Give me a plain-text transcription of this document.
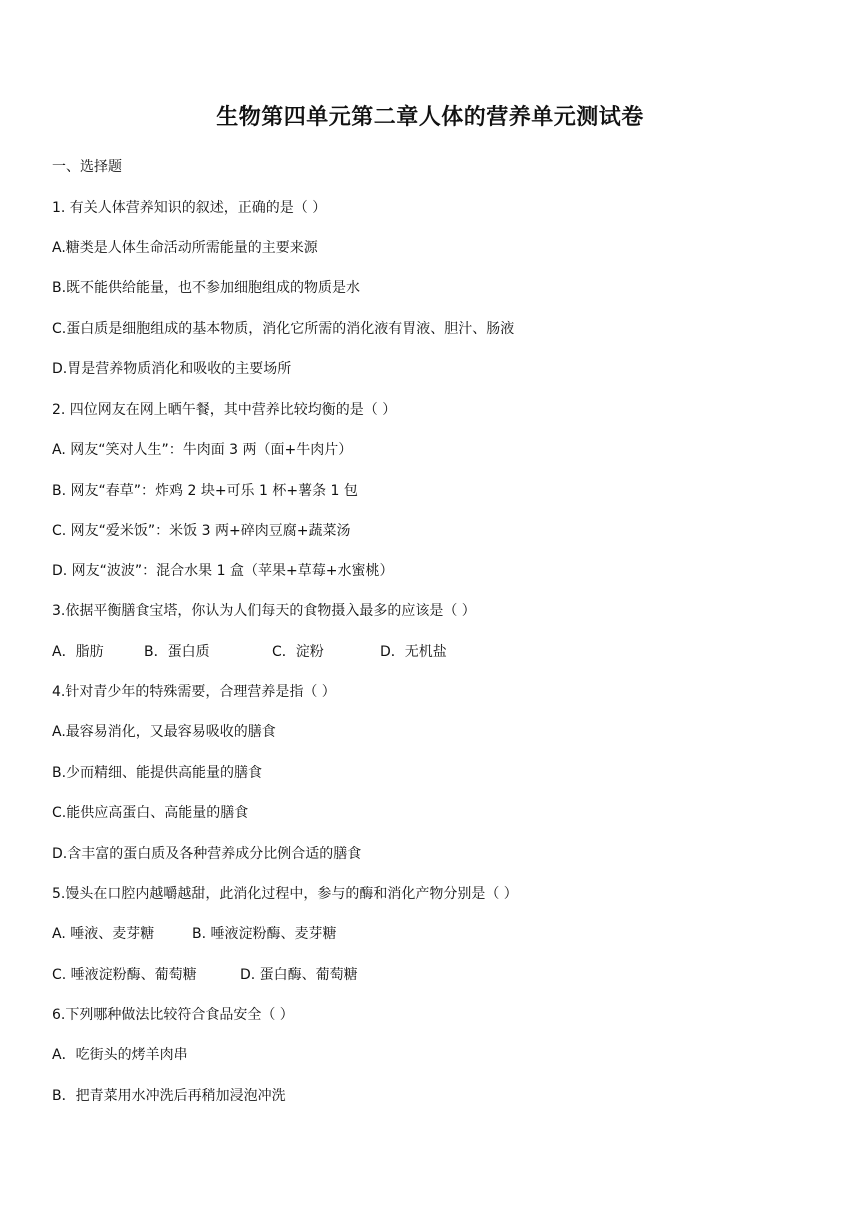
生物第四单元第二章人体的营养单元测试卷
一、选择题
1. 有关人体营养知识的叙述，正确的是（ ）
A.糖类是人体生命活动所需能量的主要来源
B.既不能供给能量，也不参加细胞组成的物质是水
C.蛋白质是细胞组成的基本物质，消化它所需的消化液有胃液、胆汁、肠液
D.胃是营养物质消化和吸收的主要场所
2. 四位网友在网上晒午餐，其中营养比较均衡的是（ ）
A. 网友“笑对人生”：牛肉面 3 两（面+牛肉片）
B. 网友“春草”：炸鸡 2 块+可乐 1 杯+薯条 1 包
C. 网友“爱米饭”：米饭 3 两+碎肉豆腐+蔬菜汤
D. 网友“波波”：混合水果 1 盒（苹果+草莓+水蜜桃）
3.依据平衡膳食宝塔，你认为人们每天的食物摄入最多的应该是（ ）
A．脂肪	B．蛋白质	C．淀粉	D．无机盐
4.针对青少年的特殊需要，合理营养是指（ ）
A.最容易消化，又最容易吸收的膳食
B.少而精细、能提供高能量的膳食
C.能供应高蛋白、高能量的膳食
D.含丰富的蛋白质及各种营养成分比例合适的膳食
5.馒头在口腔内越嚼越甜，此消化过程中，参与的酶和消化产物分别是（ ）
A. 唾液、麦芽糖	B. 唾液淀粉酶、麦芽糖
C. 唾液淀粉酶、葡萄糖	D. 蛋白酶、葡萄糖
6.下列哪种做法比较符合食品安全（ ）
A．吃街头的烤羊肉串
B．把青菜用水冲洗后再稍加浸泡冲洗
